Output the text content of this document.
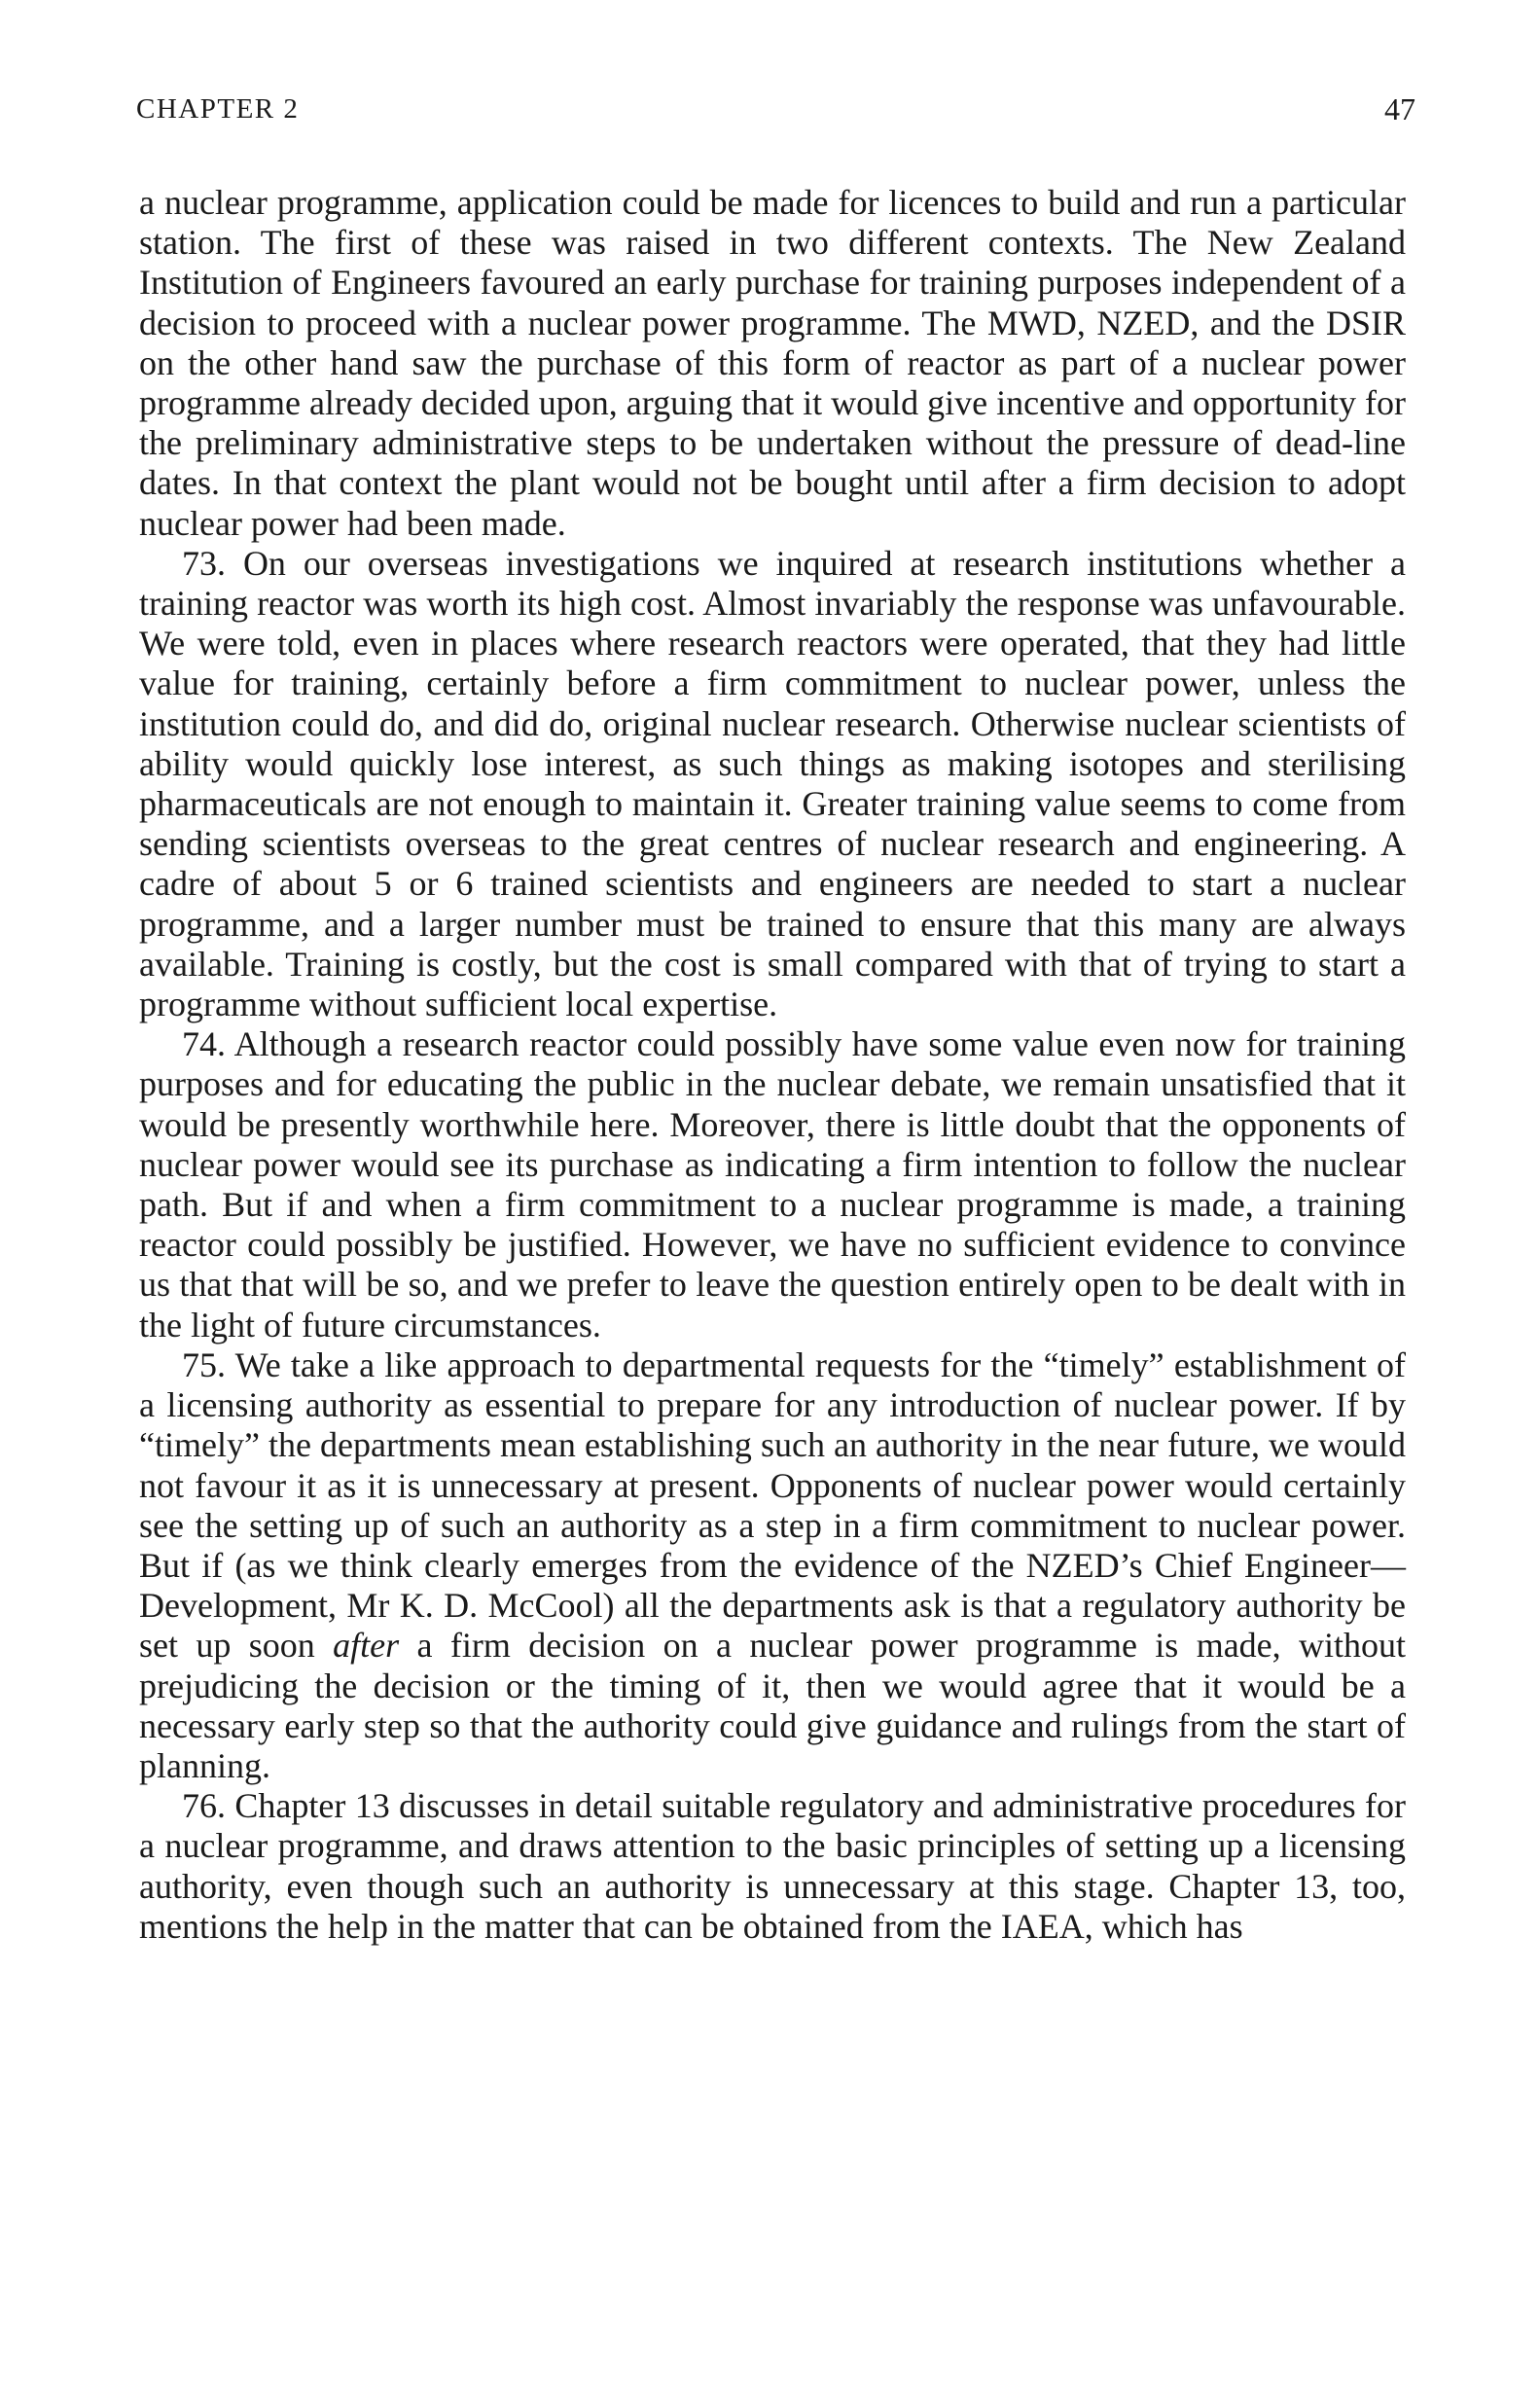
CHAPTER 2	47

a nuclear programme, application could be made for licences to build and run a particular station. The first of these was raised in two different contexts. The New Zealand Institution of Engineers favoured an early purchase for training purposes independent of a decision to proceed with a nuclear power programme. The MWD, NZED, and the DSIR on the other hand saw the purchase of this form of reactor as part of a nuclear power programme already decided upon, arguing that it would give incentive and opportunity for the preliminary administrative steps to be undertaken without the pressure of dead-line dates. In that context the plant would not be bought until after a firm decision to adopt nuclear power had been made.

73. On our overseas investigations we inquired at research institutions whether a training reactor was worth its high cost. Almost invariably the response was unfavourable. We were told, even in places where research reactors were operated, that they had little value for training, certainly before a firm commitment to nuclear power, unless the institution could do, and did do, original nuclear research. Otherwise nuclear scientists of ability would quickly lose interest, as such things as making isotopes and sterilising pharmaceuticals are not enough to maintain it. Greater training value seems to come from sending scientists overseas to the great centres of nuclear research and engineering. A cadre of about 5 or 6 trained scientists and engineers are needed to start a nuclear programme, and a larger number must be trained to ensure that this many are always available. Training is costly, but the cost is small compared with that of trying to start a programme without sufficient local expertise.

74. Although a research reactor could possibly have some value even now for training purposes and for educating the public in the nuclear debate, we remain unsatisfied that it would be presently worthwhile here. Moreover, there is little doubt that the opponents of nuclear power would see its purchase as indicating a firm intention to follow the nuclear path. But if and when a firm commitment to a nuclear programme is made, a training reactor could possibly be justified. However, we have no sufficient evidence to convince us that that will be so, and we prefer to leave the question entirely open to be dealt with in the light of future circumstances.

75. We take a like approach to departmental requests for the “timely” establishment of a licensing authority as essential to prepare for any introduction of nuclear power. If by “timely” the departments mean establishing such an authority in the near future, we would not favour it as it is unnecessary at present. Opponents of nuclear power would certainly see the setting up of such an authority as a step in a firm commitment to nuclear power. But if (as we think clearly emerges from the evidence of the NZED’s Chief Engineer—Development, Mr K. D. McCool) all the departments ask is that a regulatory authority be set up soon after a firm decision on a nuclear power programme is made, without prejudicing the decision or the timing of it, then we would agree that it would be a necessary early step so that the authority could give guidance and rulings from the start of planning.

76. Chapter 13 discusses in detail suitable regulatory and administrative procedures for a nuclear programme, and draws attention to the basic principles of setting up a licensing authority, even though such an authority is unnecessary at this stage. Chapter 13, too, mentions the help in the matter that can be obtained from the IAEA, which has
